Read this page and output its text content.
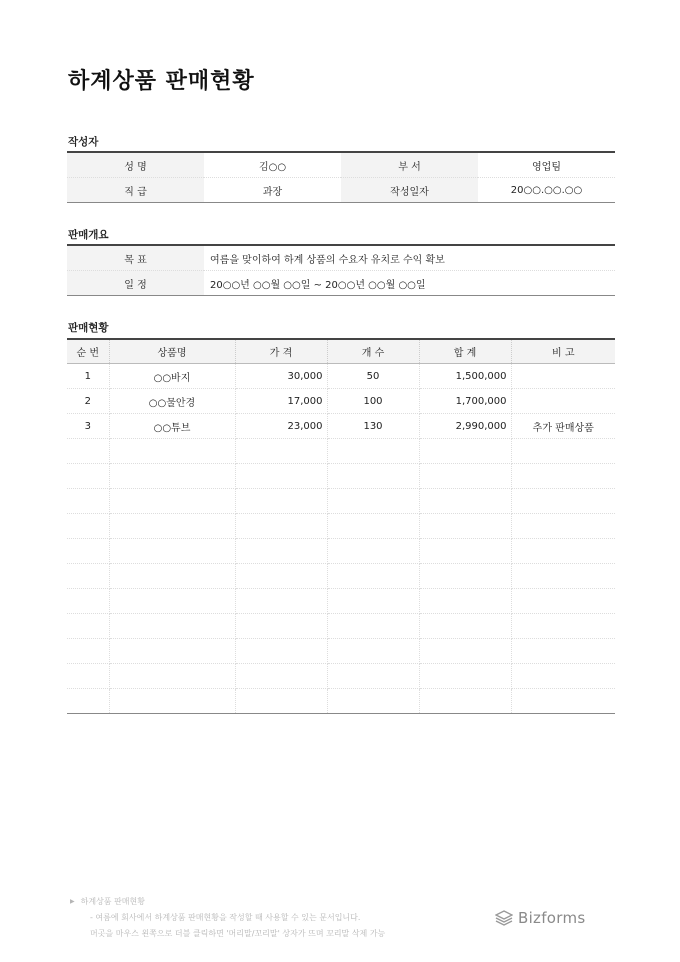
하계상품 판매현황
작성자
성 명	김○○	부 서	영업팀
직 급	과장	작성일자	20○○.○○.○○
판매개요
목 표	여름을 맞이하여 하계 상품의 수요자 유치로 수익 확보
일 정	20○○년 ○○월 ○○일 ~ 20○○년 ○○월 ○○일
판매현황
순 번	상품명	가 격	개 수	합 계	비 고
1	○○바지	30,000	50	1,500,000	
2	○○물안경	17,000	100	1,700,000	
3	○○튜브	23,000	130	2,990,000	추가 판매상품

▶ 하계상품 판매현황
- 여름에 회사에서 하계상품 판매현황을 작성할 때 사용할 수 있는 문서입니다.
머곳을 마우스 왼쪽으로 더블 클릭하면 '머리말/꼬리말' 상자가 뜨며 꼬리말 삭제 가능
Bizforms
